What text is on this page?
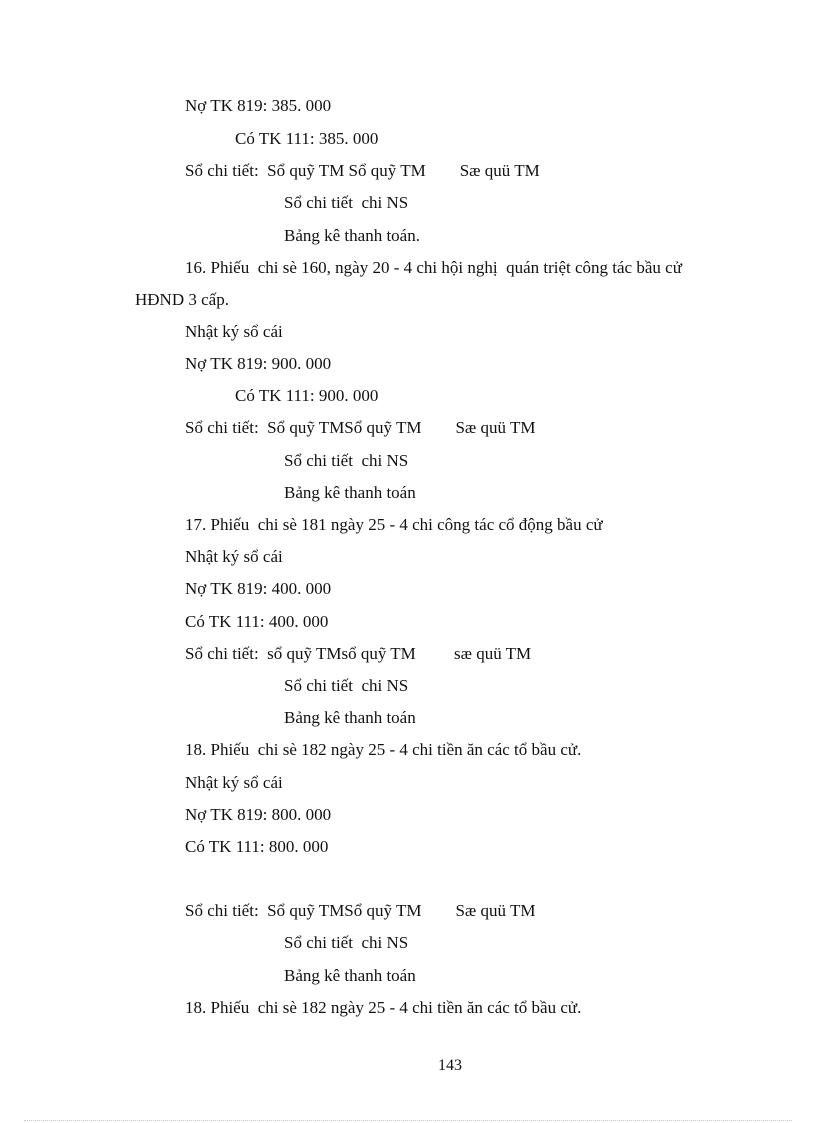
Nợ TK 819: 385. 000

Có TK 111: 385. 000

Sổ chi tiết:  Sổ quỹ TM Sổ quỹ TM        Sæ quü TM

Sổ chi tiết  chi NS

Bảng kê thanh toán.

16. Phiếu  chi sè 160, ngày 20 - 4 chi hội nghị  quán triệt công tác bầu cử

HĐND 3 cấp.

Nhật ký sổ cái

Nợ TK 819: 900. 000

Có TK 111: 900. 000

Sổ chi tiết:  Sổ quỹ TMSổ quỹ TM        Sæ quü TM

Sổ chi tiết  chi NS

Bảng kê thanh toán

17. Phiếu  chi sè 181 ngày 25 - 4 chi công tác cổ động bầu cử

Nhật ký sổ cái

Nợ TK 819: 400. 000

Có TK 111: 400. 000

Sổ chi tiết:  sổ quỹ TMsổ quỹ TM         sæ quü TM

Sổ chi tiết  chi NS

Bảng kê thanh toán

18. Phiếu  chi sè 182 ngày 25 - 4 chi tiền ăn các tổ bầu cử.

Nhật ký sổ cái

Nợ TK 819: 800. 000

Có TK 111: 800. 000

Sổ chi tiết:  Sổ quỹ TMSổ quỹ TM        Sæ quü TM

Sổ chi tiết  chi NS

Bảng kê thanh toán

18. Phiếu  chi sè 182 ngày 25 - 4 chi tiền ăn các tổ bầu cử.

143
